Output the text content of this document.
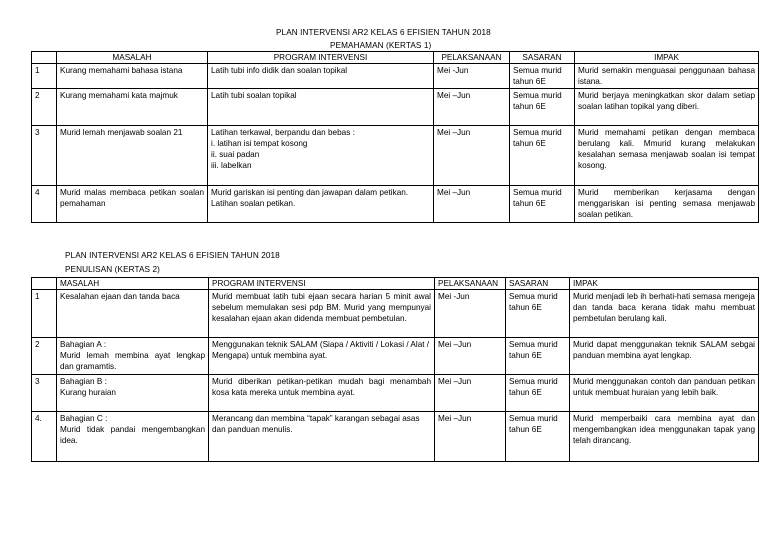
PLAN INTERVENSI AR2 KELAS 6 EFISIEN TAHUN 2018
PEMAHAMAN (KERTAS 1)
	MASALAH	PROGRAM INTERVENSI	PELAKSANAAN	SASARAN	IMPAK
1	Kurang memahami bahasa istana	Latih tubi info didik dan soalan topikal	Mei -Jun	Semua murid tahun 6E	Murid semakin menguasai penggunaan bahasa istana.
2	Kurang memahami kata majmuk	Latih tubi soalan topikal	Mei –Jun	Semua murid tahun 6E	Murid berjaya meningkatkan skor dalam setiap soalan latihan topikal yang diberi.
3	Murid lemah menjawab soalan 21	Latihan terkawal, berpandu dan bebas :
i. latihan isi tempat kosong
ii. suai padan
iii. labelkan	Mei –Jun	Semua murid tahun 6E	Murid memahami petikan dengan membaca berulang kali. Mmurid kurang melakukan kesalahan semasa menjawab soalan isi tempat kosong.
4	Murid malas membaca petikan soalan pemahaman	Murid gariskan isi penting dan jawapan dalam petikan.
Latihan soalan petikan.	Mei –Jun	Semua murid tahun 6E	Murid memberikan kerjasama dengan menggariskan isi penting semasa menjawab soalan petikan.
PLAN INTERVENSI AR2 KELAS 6 EFISIEN TAHUN 2018
PENULISAN (KERTAS 2)
	MASALAH	PROGRAM INTERVENSI	PELAKSANAAN	SASARAN	IMPAK
1	Kesalahan ejaan dan tanda baca	Murid membuat latih tubi ejaan secara harian 5 minit awal sebelum memulakan sesi pdp BM. Murid yang mempunyai kesalahan ejaan akan didenda membuat pembetulan.	Mei -Jun	Semua murid tahun 6E	Murid menjadi leb ih berhati-hati semasa mengeja dan tanda baca kerana tidak mahu membuat pembetulan berulang kali.
2	Bahagian A :
Murid lemah membina ayat lengkap dan gramamtis.	Menggunakan teknik SALAM (Siapa / Aktiviti / Lokasi / Alat / Mengapa) untuk membina ayat.	Mei –Jun	Semua murid tahun 6E	Murid dapat menggunakan teknik SALAM sebgai panduan membina ayat lengkap.
3	Bahagian B :
Kurang huraian	Murid diberikan petikan-petikan mudah bagi menambah kosa kata mereka untuk membina ayat.	Mei –Jun	Semua murid tahun 6E	Murid menggunakan contoh dan panduan petikan untuk membuat huraian yang lebih baik.
4.	Bahagian C :
Murid tidak pandai mengembangkan idea.	Merancang dan membina “tapak” karangan sebagai asas dan panduan menulis.	Mei –Jun	Semua murid tahun 6E	Murid memperbaiki cara membina ayat dan mengembangkan idea menggunakan tapak yang telah dirancang.
